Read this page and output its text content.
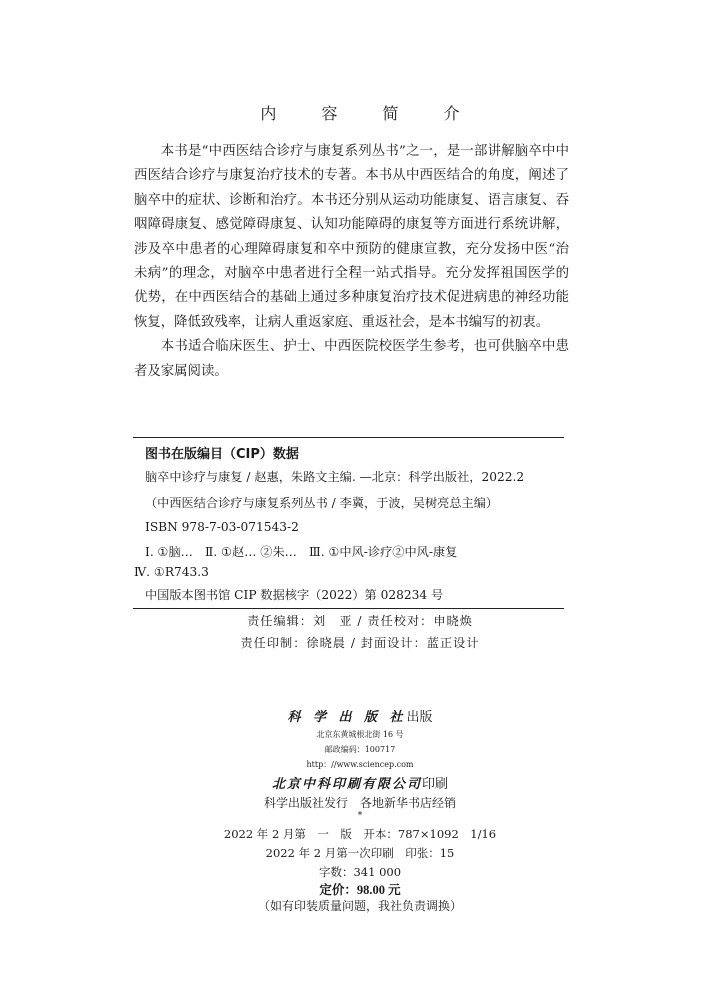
内 容 简 介

本书是“中西医结合诊疗与康复系列丛书”之一，是一部讲解脑卒中中西医结合诊疗与康复治疗技术的专著。本书从中西医结合的角度，阐述了脑卒中的症状、诊断和治疗。本书还分别从运动功能康复、语言康复、吞咽障碍康复、感觉障碍康复、认知功能障碍的康复等方面进行系统讲解，涉及卒中患者的心理障碍康复和卒中预防的健康宣教，充分发扬中医“治未病”的理念，对脑卒中患者进行全程一站式指导。充分发挥祖国医学的优势，在中西医结合的基础上通过多种康复治疗技术促进病患的神经功能恢复，降低致残率，让病人重返家庭、重返社会，是本书编写的初衷。

本书适合临床医生、护士、中西医院校医学生参考，也可供脑卒中患者及家属阅读。

图书在版编目（CIP）数据
脑卒中诊疗与康复 / 赵惠，朱路文主编. —北京：科学出版社，2022.2
（中西医结合诊疗与康复系列丛书 / 李冀，于波，吴树亮总主编）
ISBN 978-7-03-071543-2
Ⅰ. ①脑…　Ⅱ. ①赵… ②朱…　Ⅲ. ①中风-诊疗②中风-康复
Ⅳ. ①R743.3
中国版本图书馆 CIP 数据核字（2022）第 028234 号
责任编辑：刘　亚 / 责任校对：申晓焕
责任印制：徐晓晨 / 封面设计：蓝正设计
科 学 出 版 社出版
北京东黄城根北街 16 号
邮政编码：100717
http：//www.sciencep.com
北京中科印刷有限公司印刷
科学出版社发行　各地新华书店经销
*
2022 年 2 月第　一　版　开本：787×1092　1/16
2022 年 2 月第一次印刷　印张：15
字数：341 000
定价：98.00 元
（如有印装质量问题，我社负责调换）
